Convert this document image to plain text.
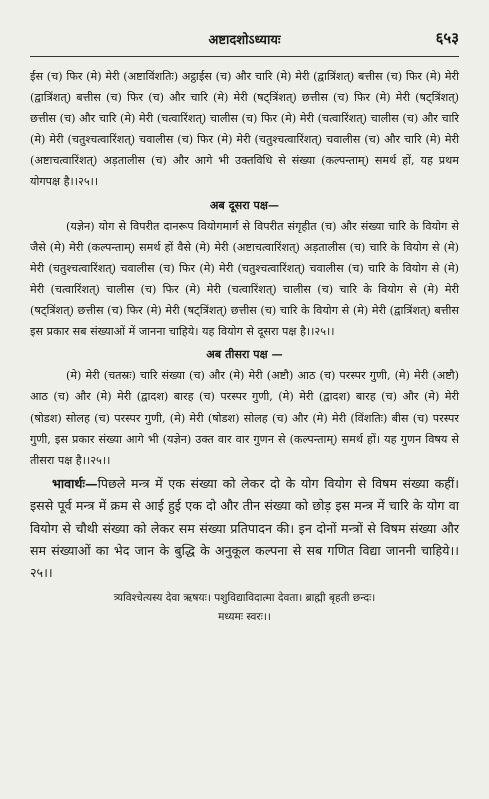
अष्टादशोऽध्यायः	६५३

ईस (च) फिर (मे) मेरी (अष्टाविंशतिः) अट्ठाईस (च) और चारि (मे) मेरी (द्वात्रिंशत्) बत्तीस (च) फिर (मे) मेरी (द्वात्रिंशत्) बत्तीस (च) फिर (च) और चारि (मे) मेरी (षट्त्रिंशत्) छत्तीस (च) फिर (मे) मेरी (षट्त्रिंशत्) छत्तीस (च) और चारि (मे) मेरी (चत्वारिंशत्) चालीस (च) फिर (मे) मेरी (चत्वारिंशत्) चालीस (च) और चारि (मे) मेरी (चतुश्चत्वारिंशत्) चवालीस (च) फिर (मे) मेरी (चतुश्चत्वारिंशत्) चवालीस (च) और चारि (मे) मेरी (अष्टाचत्वारिंशत्) अड़तालीस (च) और आगे भी उक्तविधि से संख्या (कल्पन्ताम्) समर्थ हों, यह प्रथम योगपक्ष है।।२५।।

अब दूसरा पक्ष—

(यज्ञेन) योग से विपरीत दानरूप वियोगमार्ग से विपरीत संगृहीत (च) और संख्या चारि के वियोग से जैसे (मे) मेरी (कल्पन्ताम्) समर्थ हों वैसे (मे) मेरी (अष्टाचत्वारिंशत्) अड़तालीस (च) चारि के वियोग से (मे) मेरी (चतुश्चत्वारिंशत्) चवालीस (च) फिर (मे) मेरी (चतुश्चत्वारिंशत्) चवालीस (च) चारि के वियोग से (मे) मेरी (चत्वारिंशत्) चालीस (च) फिर (मे) मेरी (चत्वारिंशत्) चालीस (च) चारि के वियोग से (मे) मेरी (षट्त्रिंशत्) छत्तीस (च) फिर (मे) मेरी (षट्त्रिंशत्) छत्तीस (च) चारि के वियोग से (मे) मेरी (द्वात्रिंशत्) बत्तीस इस प्रकार सब संख्याओं में जानना चाहिये। यह वियोग से दूसरा पक्ष है।।२५।।

अब तीसरा पक्ष —

(मे) मेरी (चतस्रः) चारि संख्या (च) और (मे) मेरी (अष्टौ) आठ (च) परस्पर गुणी, (मे) मेरी (अष्टौ) आठ (च) और (मे) मेरी (द्वादश) बारह (च) परस्पर गुणी, (मे) मेरी (द्वादश) बारह (च) और (मे) मेरी (षोडश) सोलह (च) परस्पर गुणी, (मे) मेरी (षोडश) सोलह (च) और (मे) मेरी (विंशतिः) बीस (च) परस्पर गुणी, इस प्रकार संख्या आगे भी (यज्ञेन) उक्त वार वार गुणन से (कल्पन्ताम्) समर्थ हों। यह गुणन विषय से तीसरा पक्ष है।।२५।।

भावार्थः—पिछले मन्त्र में एक संख्या को लेकर दो के योग वियोग से विषम संख्या कहीं। इससे पूर्व मन्त्र में क्रम से आई हुई एक दो और तीन संख्या को छोड़ इस मन्त्र में चारि के योग वा वियोग से चौथी संख्या को लेकर सम संख्या प्रतिपादन की। इन दोनों मन्त्रों से विषम संख्या और सम संख्याओं का भेद जान के बुद्धि के अनुकूल कल्पना से सब गणित विद्या जाननी चाहिये।।२५।।

त्र्यविश्चेत्यस्य देवा ऋषयः। पशुविद्याविदात्मा देवता। ब्राह्मी बृहती छन्दः।
मध्यमः स्वरः।।
